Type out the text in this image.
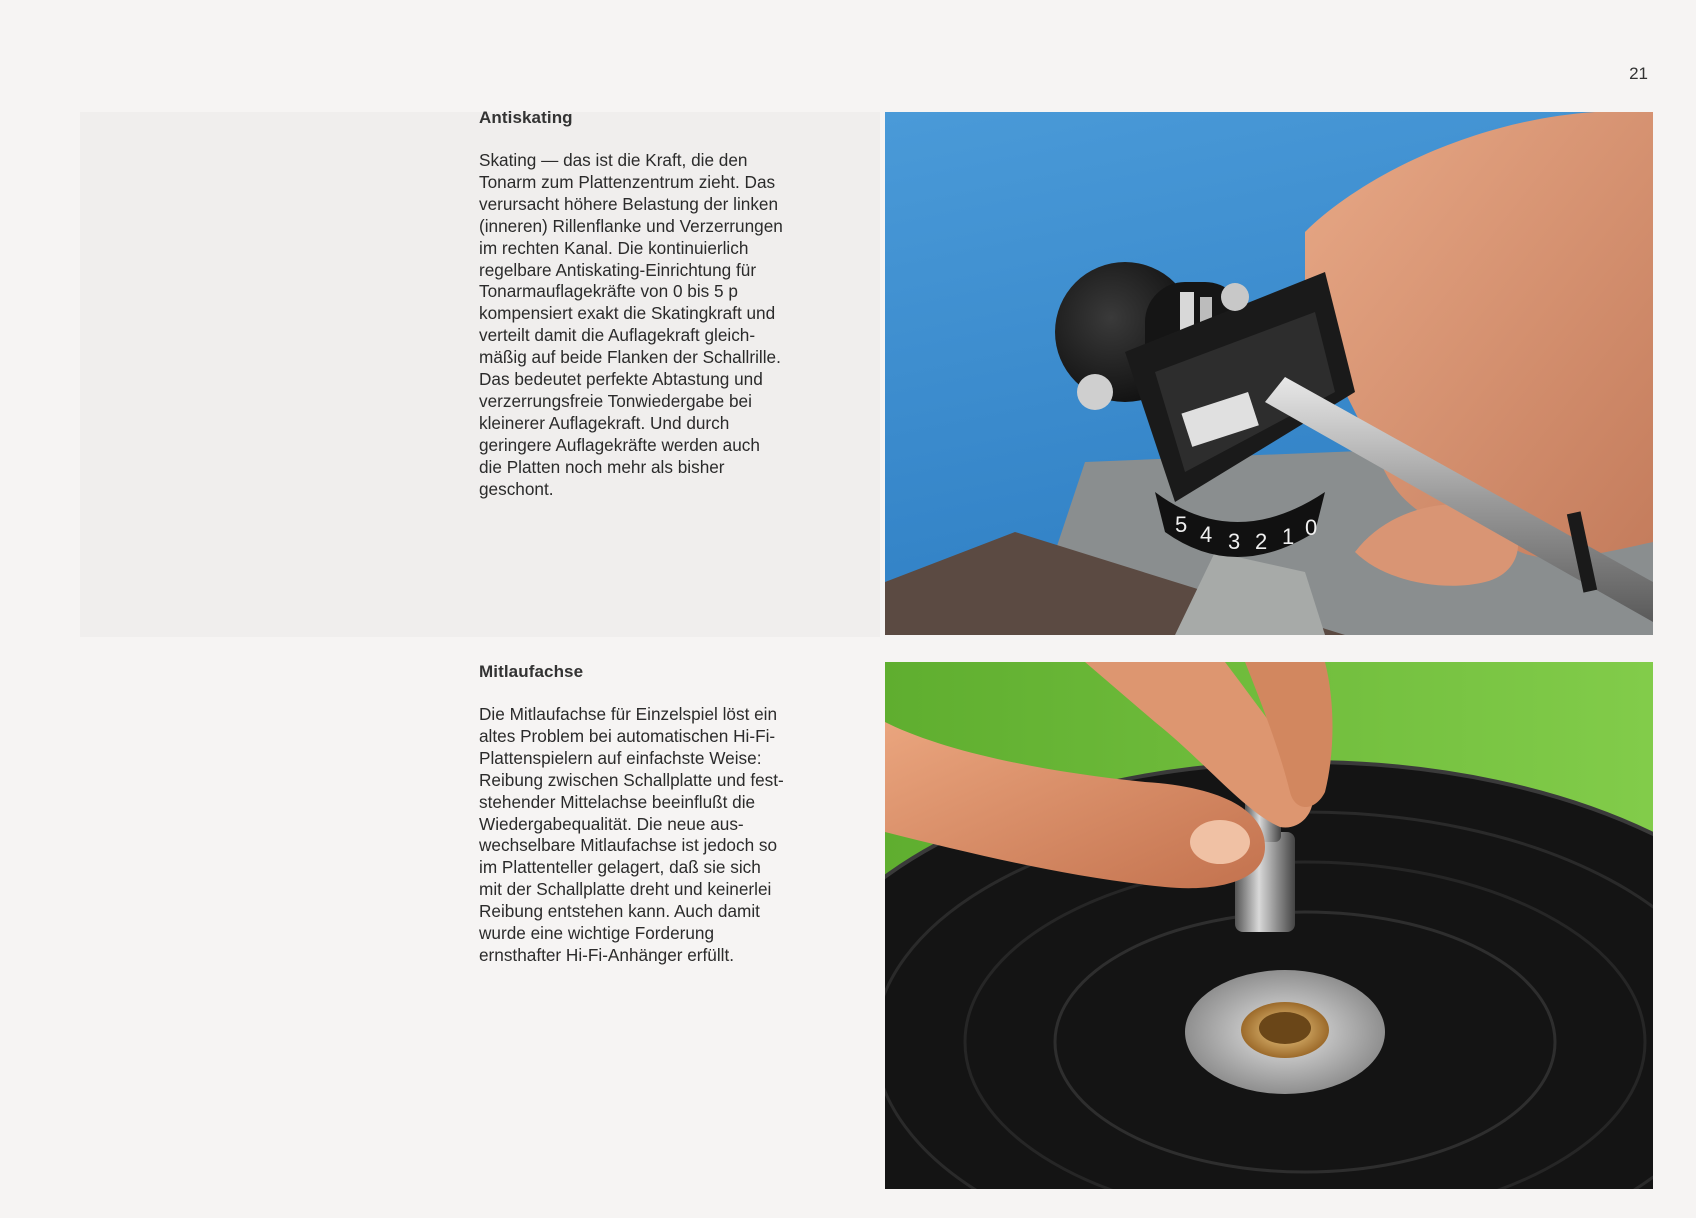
21
Antiskating

Skating — das ist die Kraft, die den
Tonarm zum Plattenzentrum zieht. Das
verursacht höhere Belastung der linken
(inneren) Rillenflanke und Verzerrungen
im rechten Kanal. Die kontinuierlich
regelbare Antiskating-Einrichtung für
Tonarmauflagekräfte von 0 bis 5 p
kompensiert exakt die Skatingkraft und
verteilt damit die Auflagekraft gleich-
mäßig auf beide Flanken der Schallrille.
Das bedeutet perfekte Abtastung und
verzerrungsfreie Tonwiedergabe bei
kleinerer Auflagekraft. Und durch
geringere Auflagekräfte werden auch
die Platten noch mehr als bisher
geschont.

5 4 3 2 1 0
Mitlaufachse

Die Mitlaufachse für Einzelspiel löst ein
altes Problem bei automatischen Hi-Fi-
Plattenspielern auf einfachste Weise:
Reibung zwischen Schallplatte und fest-
stehender Mittelachse beeinflußt die
Wiedergabequalität. Die neue aus-
wechselbare Mitlaufachse ist jedoch so
im Plattenteller gelagert, daß sie sich
mit der Schallplatte dreht und keinerlei
Reibung entstehen kann. Auch damit
wurde eine wichtige Forderung
ernsthafter Hi-Fi-Anhänger erfüllt.
